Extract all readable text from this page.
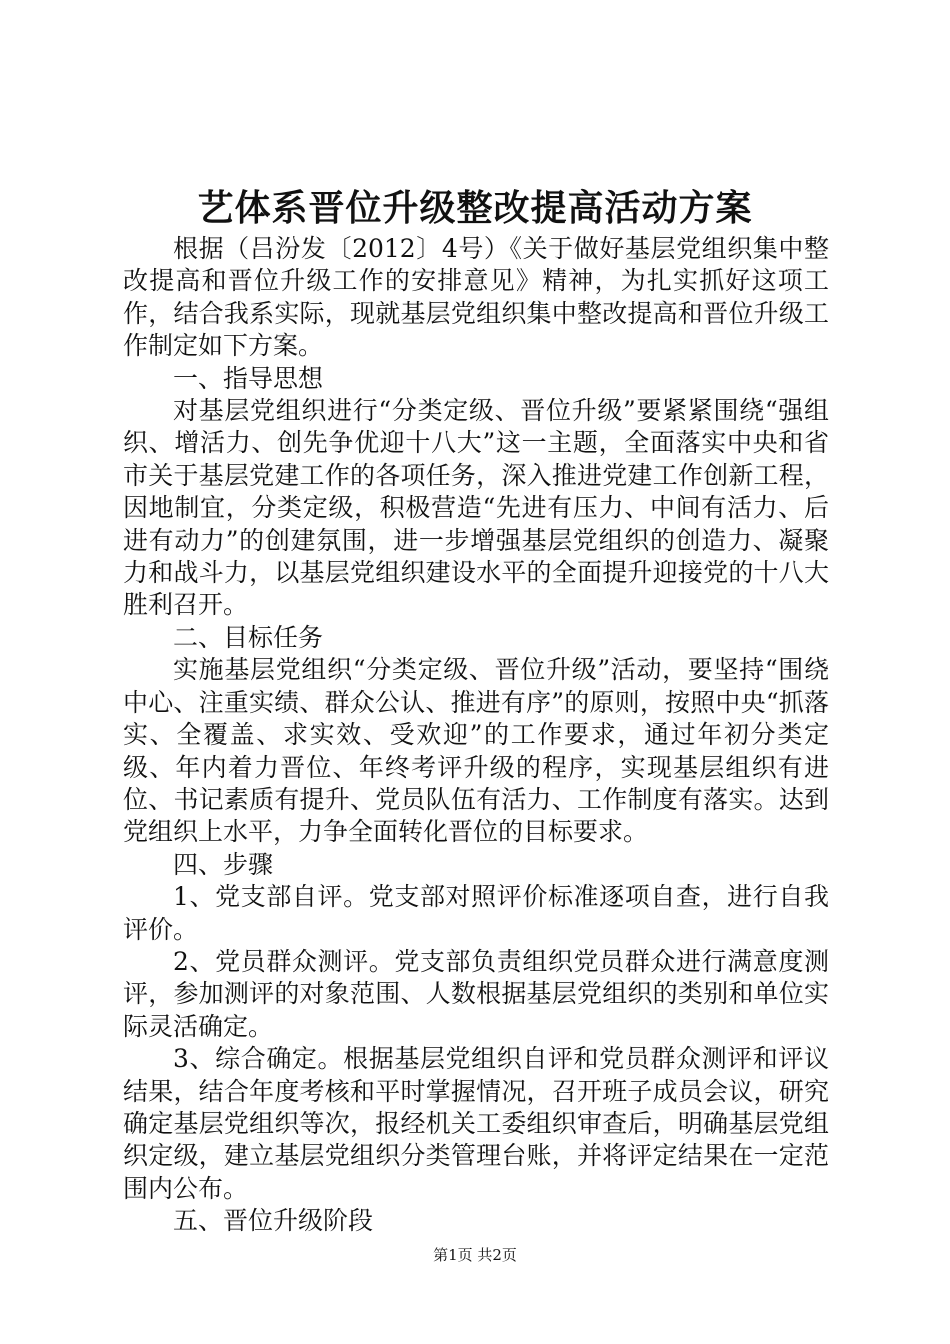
艺体系晋位升级整改提高活动方案

根据（吕汾发〔2012〕4号）《关于做好基层党组织集中整改提高和晋位升级工作的安排意见》精神，为扎实抓好这项工作，结合我系实际，现就基层党组织集中整改提高和晋位升级工作制定如下方案。

一、指导思想

对基层党组织进行“分类定级、晋位升级”要紧紧围绕“强组织、增活力、创先争优迎十八大”这一主题，全面落实中央和省市关于基层党建工作的各项任务，深入推进党建工作创新工程，因地制宜，分类定级，积极营造“先进有压力、中间有活力、后进有动力”的创建氛围，进一步增强基层党组织的创造力、凝聚力和战斗力，以基层党组织建设水平的全面提升迎接党的十八大胜利召开。

二、目标任务

实施基层党组织“分类定级、晋位升级”活动，要坚持“围绕中心、注重实绩、群众公认、推进有序”的原则，按照中央“抓落实、全覆盖、求实效、受欢迎”的工作要求，通过年初分类定级、年内着力晋位、年终考评升级的程序，实现基层组织有进位、书记素质有提升、党员队伍有活力、工作制度有落实。达到党组织上水平，力争全面转化晋位的目标要求。

四、步骤

1、党支部自评。党支部对照评价标准逐项自查，进行自我评价。

2、党员群众测评。党支部负责组织党员群众进行满意度测评，参加测评的对象范围、人数根据基层党组织的类别和单位实际灵活确定。

3、综合确定。根据基层党组织自评和党员群众测评和评议结果，结合年度考核和平时掌握情况，召开班子成员会议，研究确定基层党组织等次，报经机关工委组织审查后，明确基层党组织定级，建立基层党组织分类管理台账，并将评定结果在一定范围内公布。

五、晋位升级阶段

第1页 共2页
